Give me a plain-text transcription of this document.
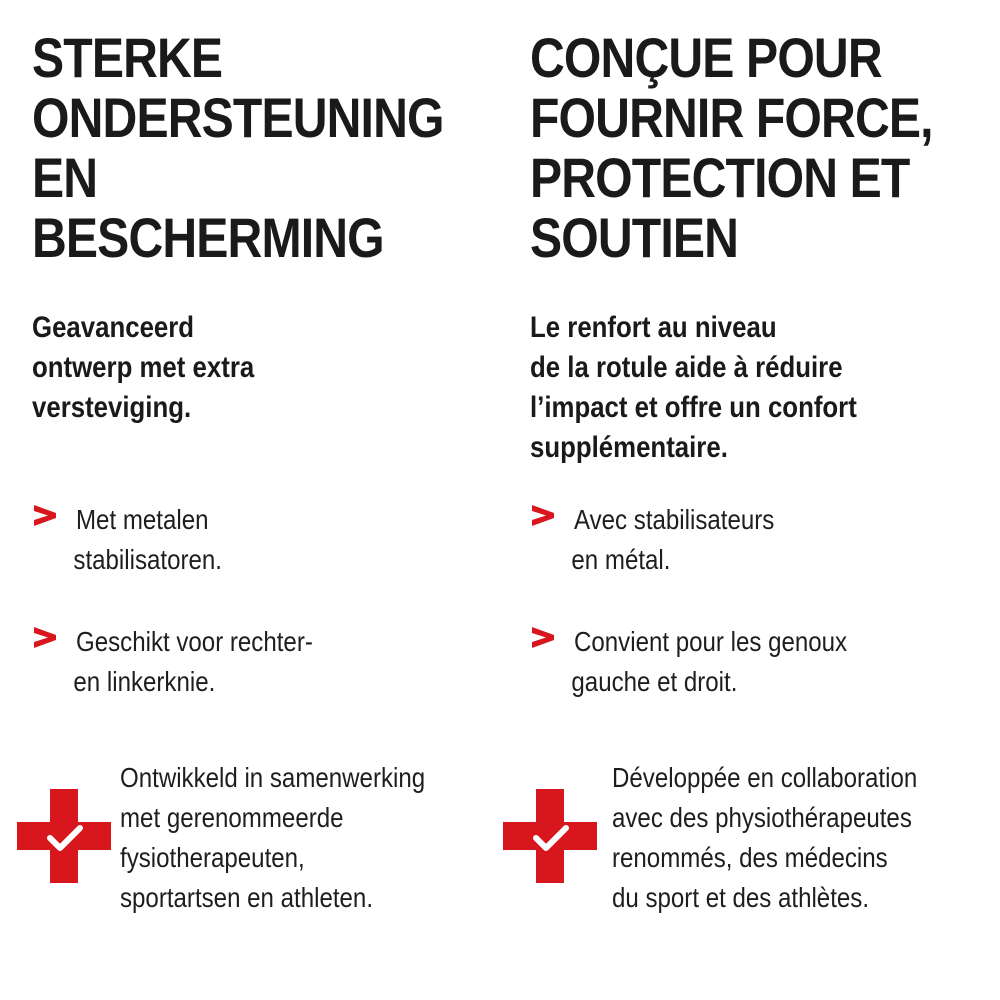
STERKE
ONDERSTEUNING
EN
BESCHERMING

Geavanceerd
ontwerp met extra
versteviging.

Met metalen
stabilisatoren.
Geschikt voor rechter-
en linkerknie.
Ontwikkeld in samenwerking
met gerenommeerde
fysiotherapeuten,
sportartsen en athleten.
CONÇUE POUR
FOURNIR FORCE,
PROTECTION ET
SOUTIEN

Le renfort au niveau
de la rotule aide à réduire
l’impact et offre un confort
supplémentaire.

Avec stabilisateurs
en métal.
Convient pour les genoux
gauche et droit.
Développée en collaboration
avec des physiothérapeutes
renommés, des médecins
du sport et des athlètes.
